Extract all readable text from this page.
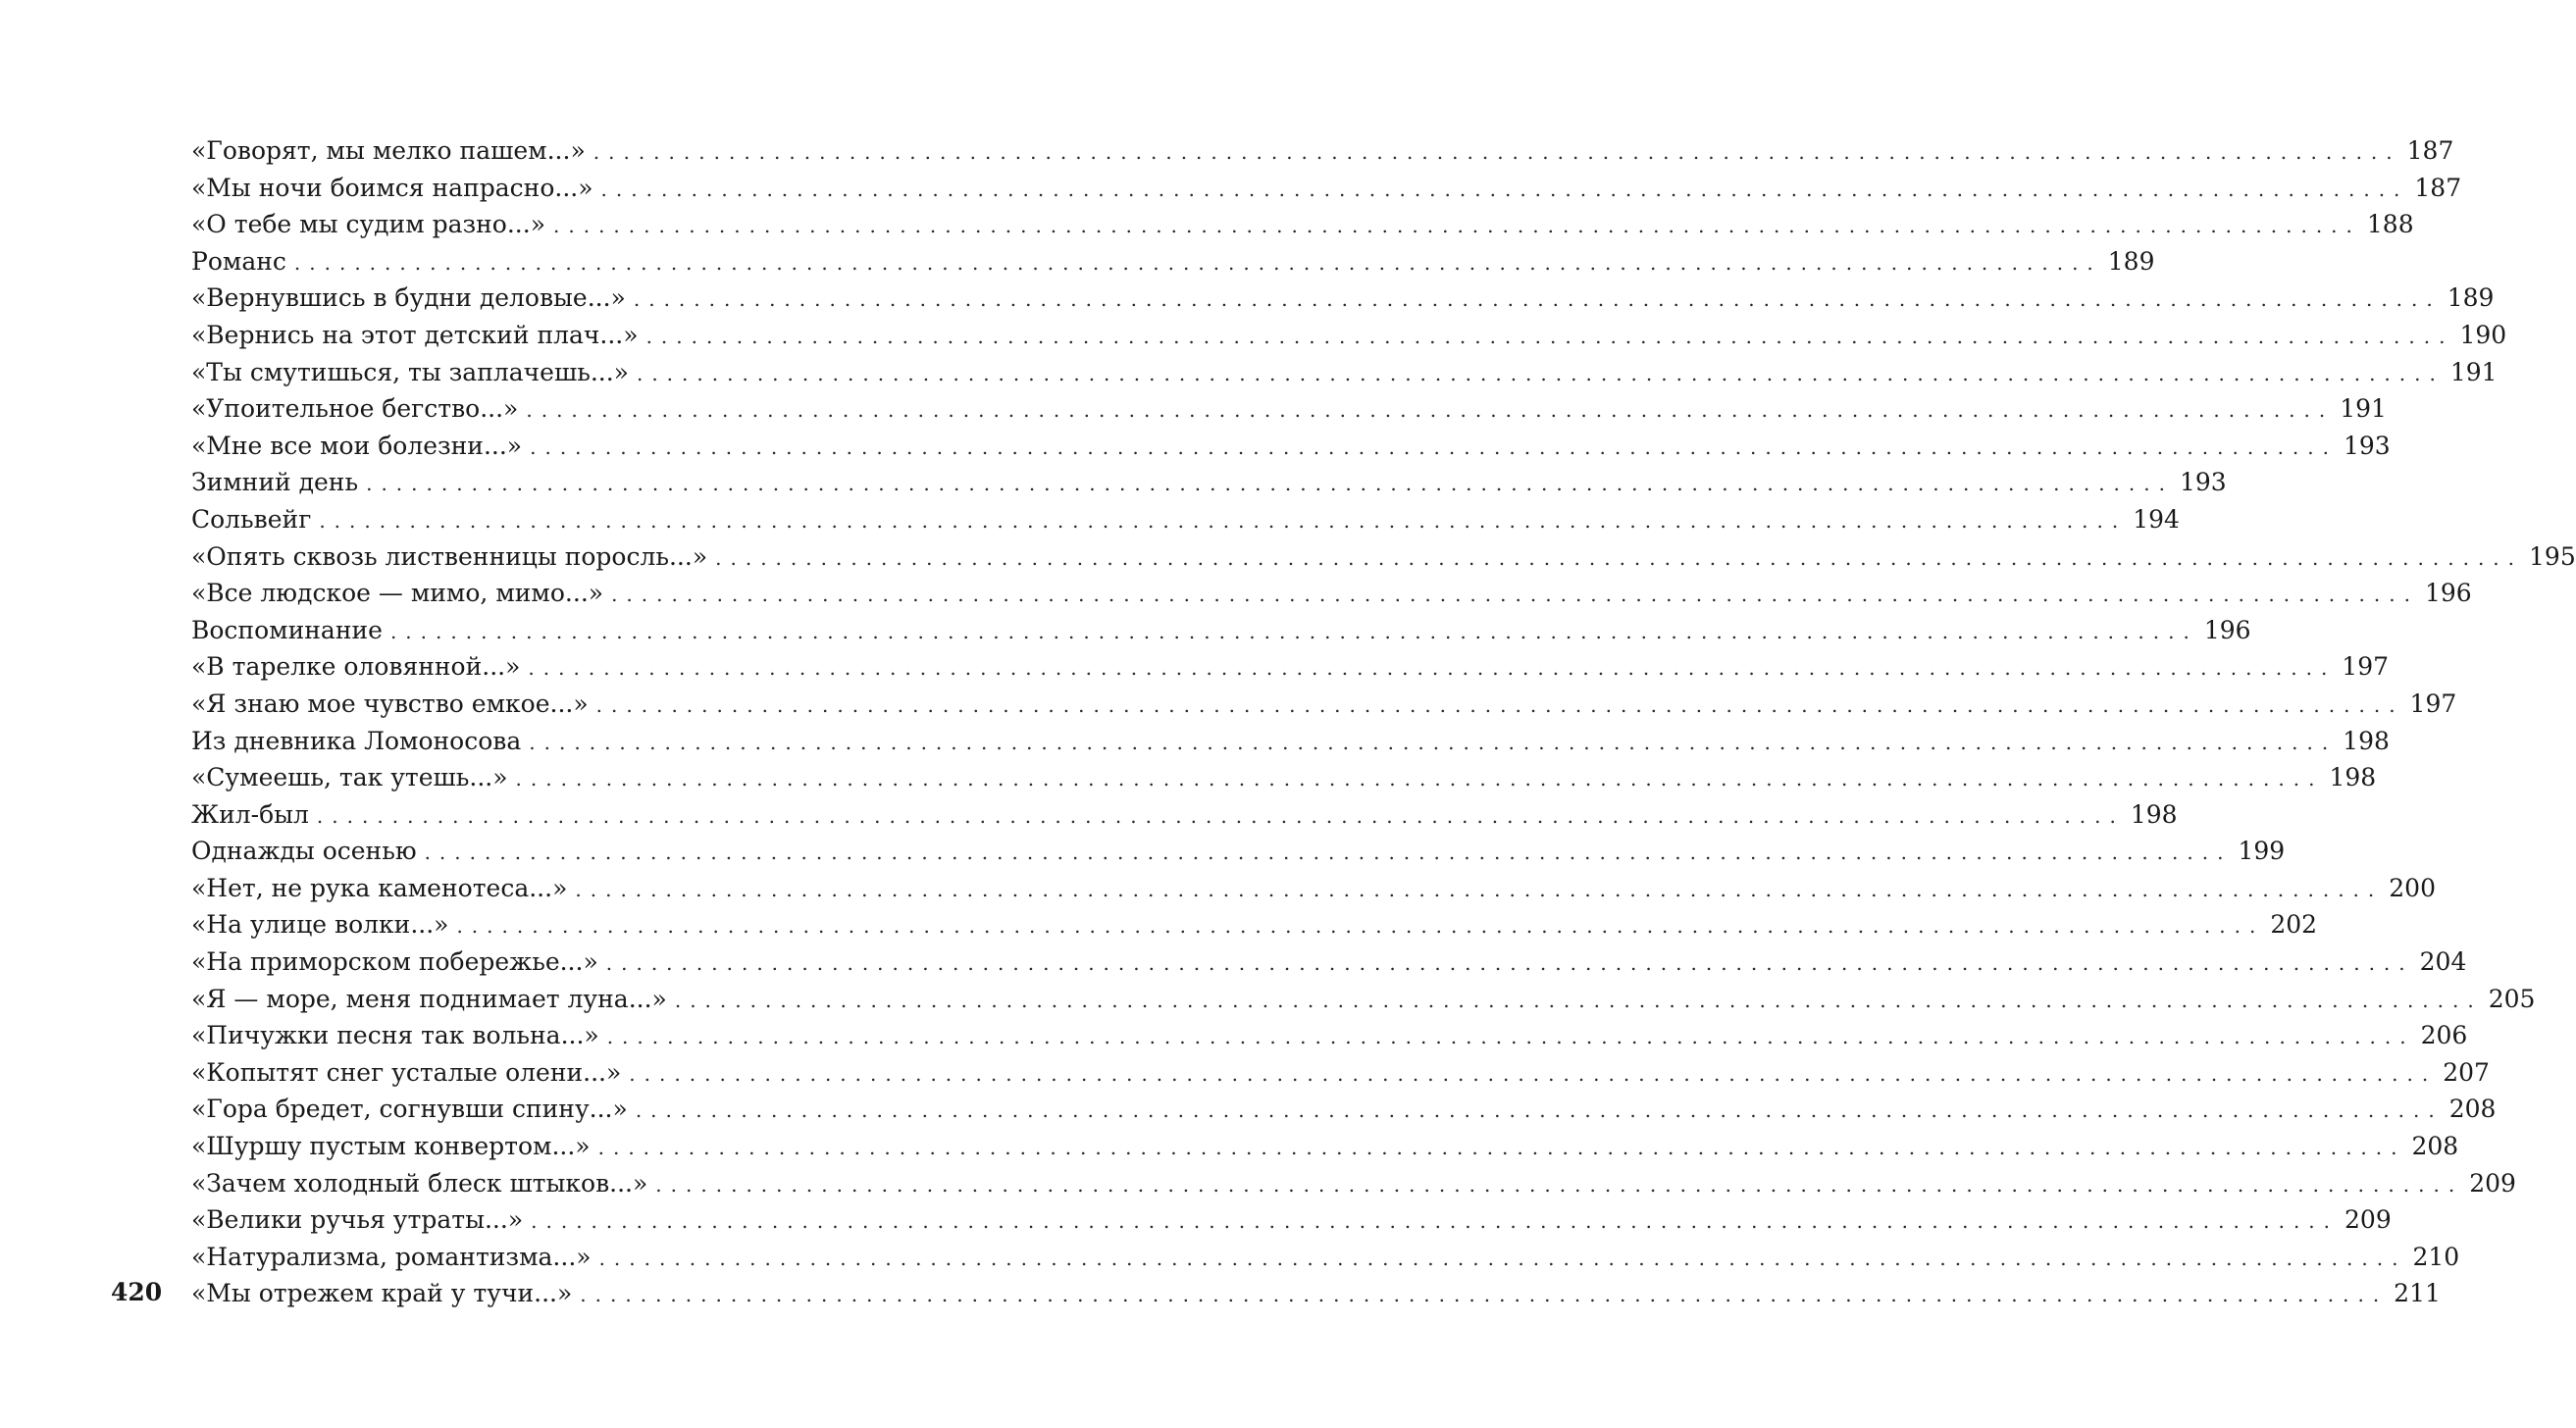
«Говорят, мы мелко пашем...» ........................................................................................................................ 187
«Мы ночи боимся напрасно...» ........................................................................................................................ 187
«О тебе мы судим разно...» ........................................................................................................................ 188
Романс ........................................................................................................................ 189
«Вернувшись в будни деловые...» ........................................................................................................................ 189
«Вернись на этот детский плач...» ........................................................................................................................ 190
«Ты смутишься, ты заплачешь...» ........................................................................................................................ 191
«Упоительное бегство...» ........................................................................................................................ 191
«Мне все мои болезни...» ........................................................................................................................ 193
Зимний день ........................................................................................................................ 193
Сольвейг ........................................................................................................................ 194
«Опять сквозь лиственницы поросль...» ........................................................................................................................ 195
«Все людское — мимо, мимо...» ........................................................................................................................ 196
Воспоминание ........................................................................................................................ 196
«В тарелке оловянной...» ........................................................................................................................ 197
«Я знаю мое чувство емкое...» ........................................................................................................................ 197
Из дневника Ломоносова ........................................................................................................................ 198
«Сумеешь, так утешь...» ........................................................................................................................ 198
Жил-был ........................................................................................................................ 198
Однажды осенью ........................................................................................................................ 199
«Нет, не рука каменотеса...» ........................................................................................................................ 200
«На улице волки...» ........................................................................................................................ 202
«На приморском побережье...» ........................................................................................................................ 204
«Я — море, меня поднимает луна...» ........................................................................................................................ 205
«Пичужки песня так вольна...» ........................................................................................................................ 206
«Копытят снег усталые олени...» ........................................................................................................................ 207
«Гора бредет, согнувши спину...» ........................................................................................................................ 208
«Шуршу пустым конвертом...» ........................................................................................................................ 208
«Зачем холодный блеск штыков...» ........................................................................................................................ 209
«Велики ручья утраты...» ........................................................................................................................ 209
«Натурализма, романтизма...» ........................................................................................................................ 210
«Мы отрежем край у тучи...» ........................................................................................................................ 211
420
